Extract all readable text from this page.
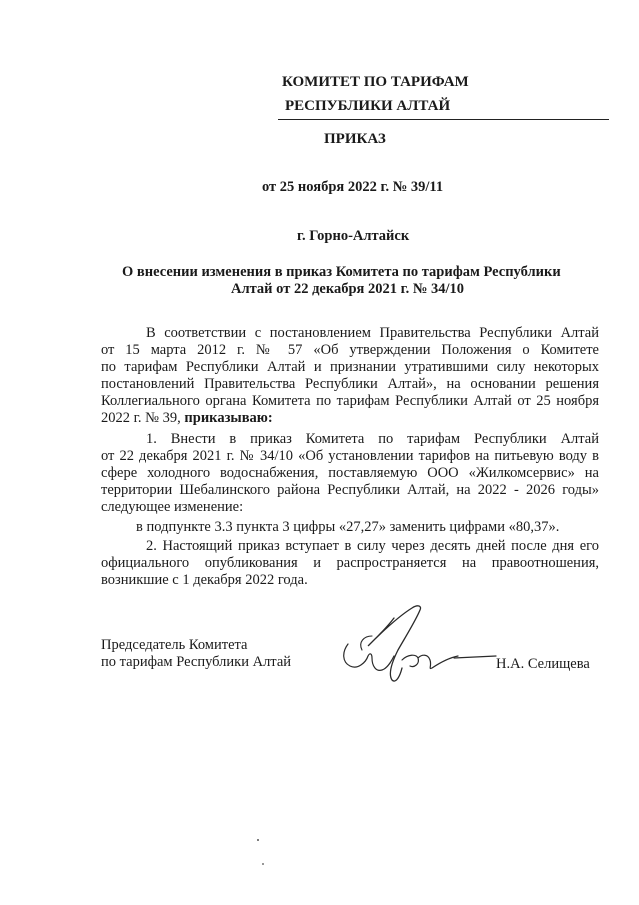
КОМИТЕТ ПО ТАРИФАМ
РЕСПУБЛИКИ АЛТАЙ
ПРИКАЗ
от 25 ноября 2022 г. № 39/11
г. Горно-Алтайск
О внесении изменения в приказ Комитета по тарифам Республики
Алтай от 22 декабря 2021 г. № 34/10
В соответствии с постановлением Правительства Республики Алтай
от 15 марта 2012 г. № 57 «Об утверждении Положения о Комитете
по тарифам Республики Алтай и признании утратившими силу некоторых
постановлений Правительства Республики Алтай», на основании решения
Коллегиального органа Комитета по тарифам Республики Алтай от 25 ноября
2022 г. № 39, приказываю:
1. Внести в приказ Комитета по тарифам Республики Алтай
от 22 декабря 2021 г. № 34/10 «Об установлении тарифов на питьевую воду в
сфере холодного водоснабжения, поставляемую ООО «Жилкомсервис» на
территории Шебалинского района Республики Алтай, на 2022 - 2026 годы»
следующее изменение:
в подпункте 3.3 пункта 3 цифры «27,27» заменить цифрами «80,37».
2. Настоящий приказ вступает в силу через десять дней после дня его
официального опубликования и распространяется на правоотношения,
возникшие с 1 декабря 2022 года.
Председатель Комитета
по тарифам Республики Алтай	Н.А. Селищева
